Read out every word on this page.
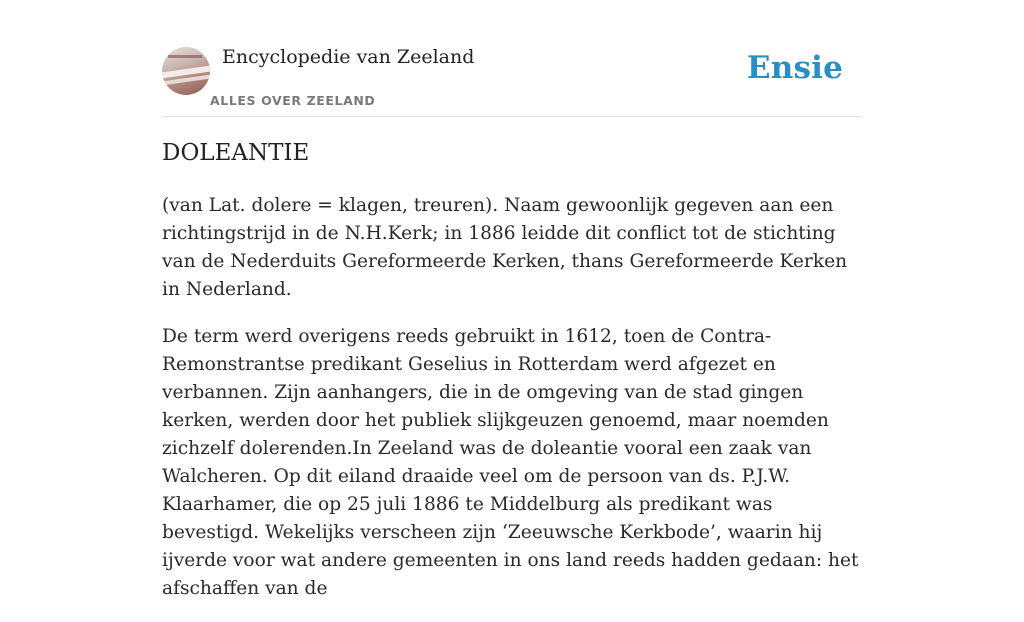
Encyclopedie van Zeeland
ALLES OVER ZEELAND
Ensie
DOLEANTIE

(van Lat. dolere = klagen, treuren). Naam gewoonlijk gegeven aan een richtingstrijd in de N.H.Kerk; in 1886 leidde dit conflict tot de stichting van de Nederduits Gereformeerde Kerken, thans Gereformeerde Kerken in Nederland.

De term werd overigens reeds gebruikt in 1612, toen de Contra-Remonstrantse predikant Geselius in Rotterdam werd afgezet en verbannen. Zijn aanhangers, die in de omgeving van de stad gingen kerken, werden door het publiek slijkgeuzen genoemd, maar noemden zichzelf dolerenden.In Zeeland was de doleantie vooral een zaak van Walcheren. Op dit eiland draaide veel om de persoon van ds. P.J.W. Klaarhamer, die op 25 juli 1886 te Middelburg als predikant was bevestigd. Wekelijks verscheen zijn ‘Zeeuwsche Kerkbode’, waarin hij ijverde voor wat andere gemeenten in ons land reeds hadden gedaan: het afschaffen van de
